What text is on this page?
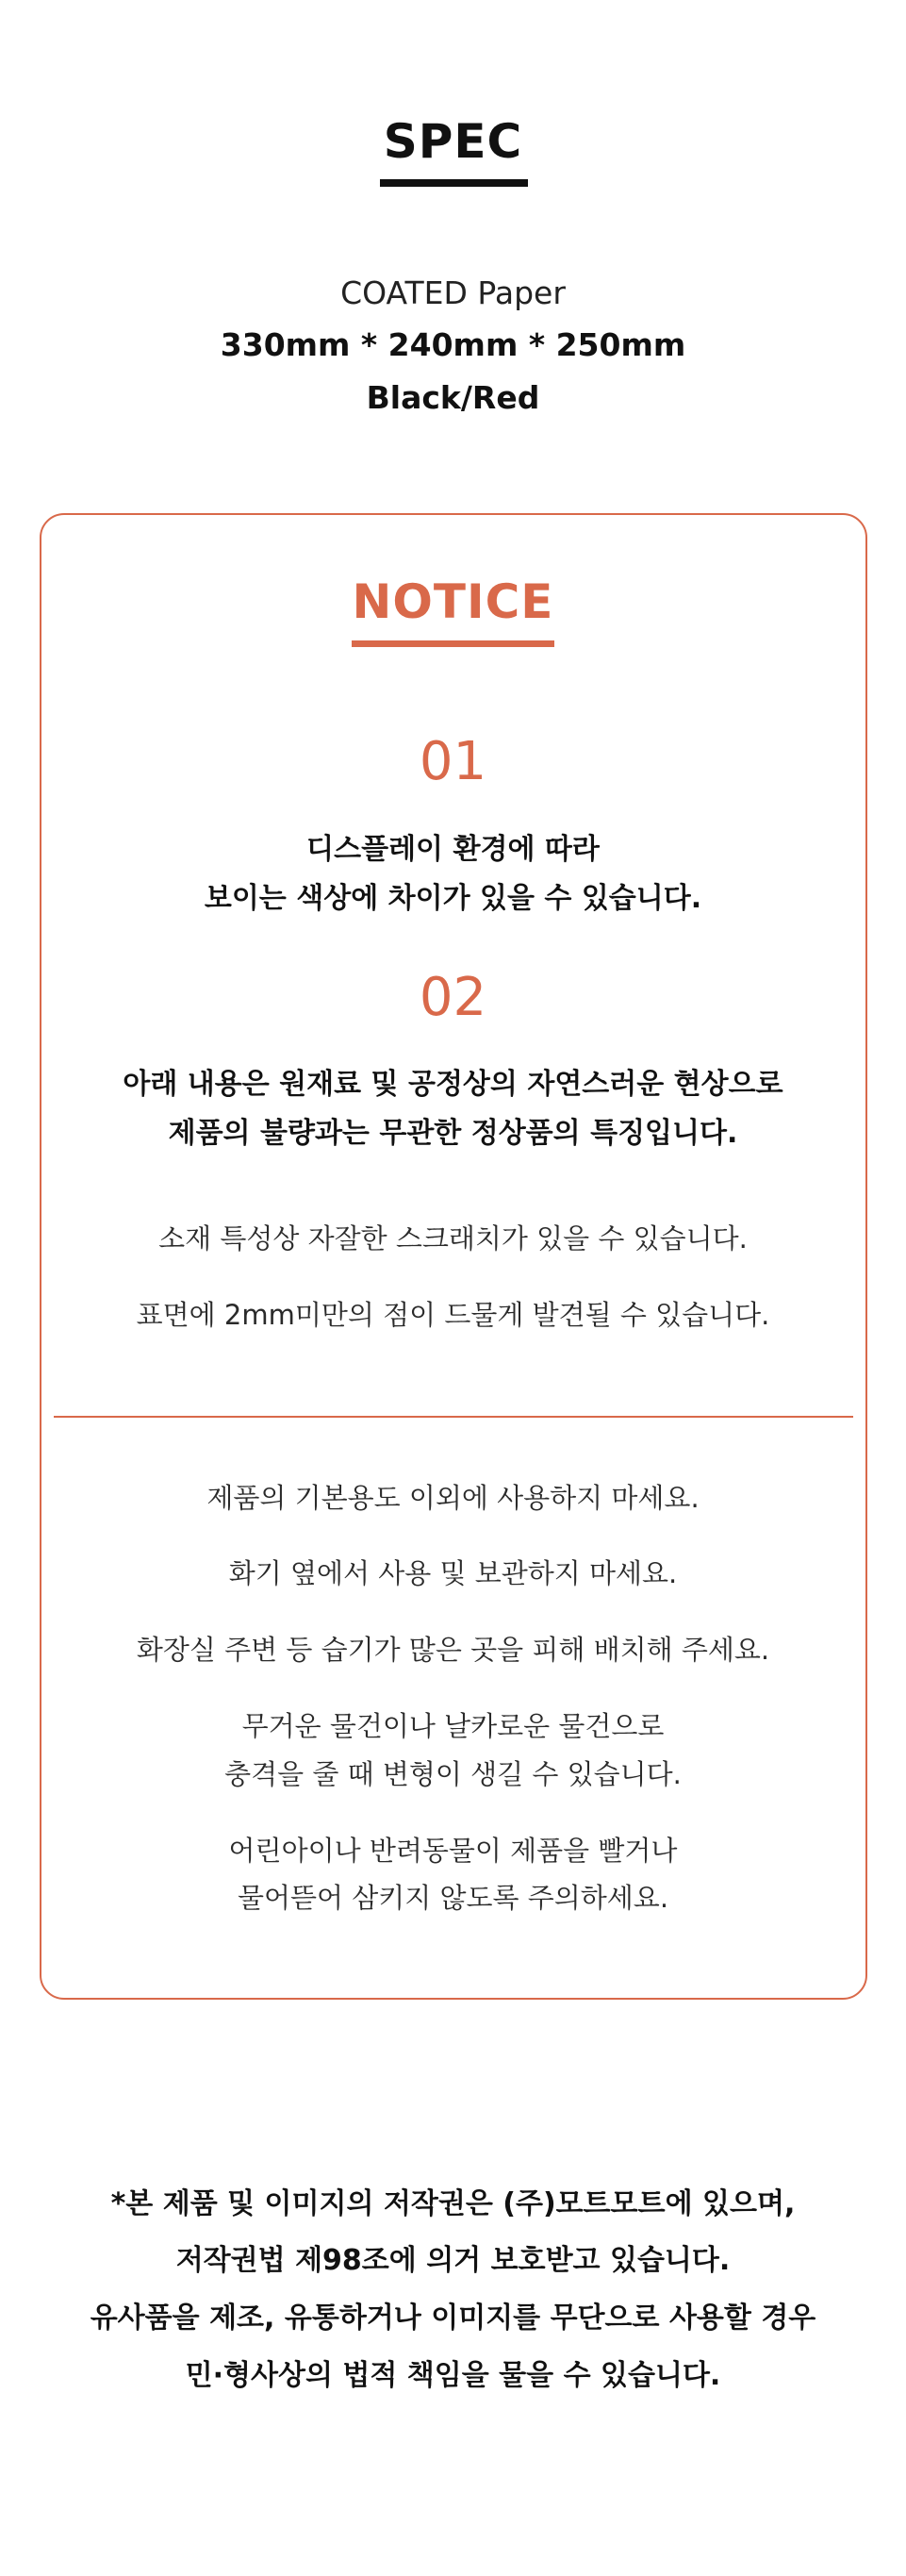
SPEC
COATED Paper
330mm * 240mm * 250mm
Black/Red
NOTICE
01
디스플레이 환경에 따라
보이는 색상에 차이가 있을 수 있습니다.
02
아래 내용은 원재료 및 공정상의 자연스러운 현상으로
제품의 불량과는 무관한 정상품의 특징입니다.
소재 특성상 자잘한 스크래치가 있을 수 있습니다.
표면에 2mm미만의 점이 드물게 발견될 수 있습니다.
제품의 기본용도 이외에 사용하지 마세요.
화기 옆에서 사용 및 보관하지 마세요.
화장실 주변 등 습기가 많은 곳을 피해 배치해 주세요.
무거운 물건이나 날카로운 물건으로
충격을 줄 때 변형이 생길 수 있습니다.
어린아이나 반려동물이 제품을 빨거나
물어뜯어 삼키지 않도록 주의하세요.
*본 제품 및 이미지의 저작권은 (주)모트모트에 있으며,
저작권법 제98조에 의거 보호받고 있습니다.
유사품을 제조, 유통하거나 이미지를 무단으로 사용할 경우
민·형사상의 법적 책임을 물을 수 있습니다.
